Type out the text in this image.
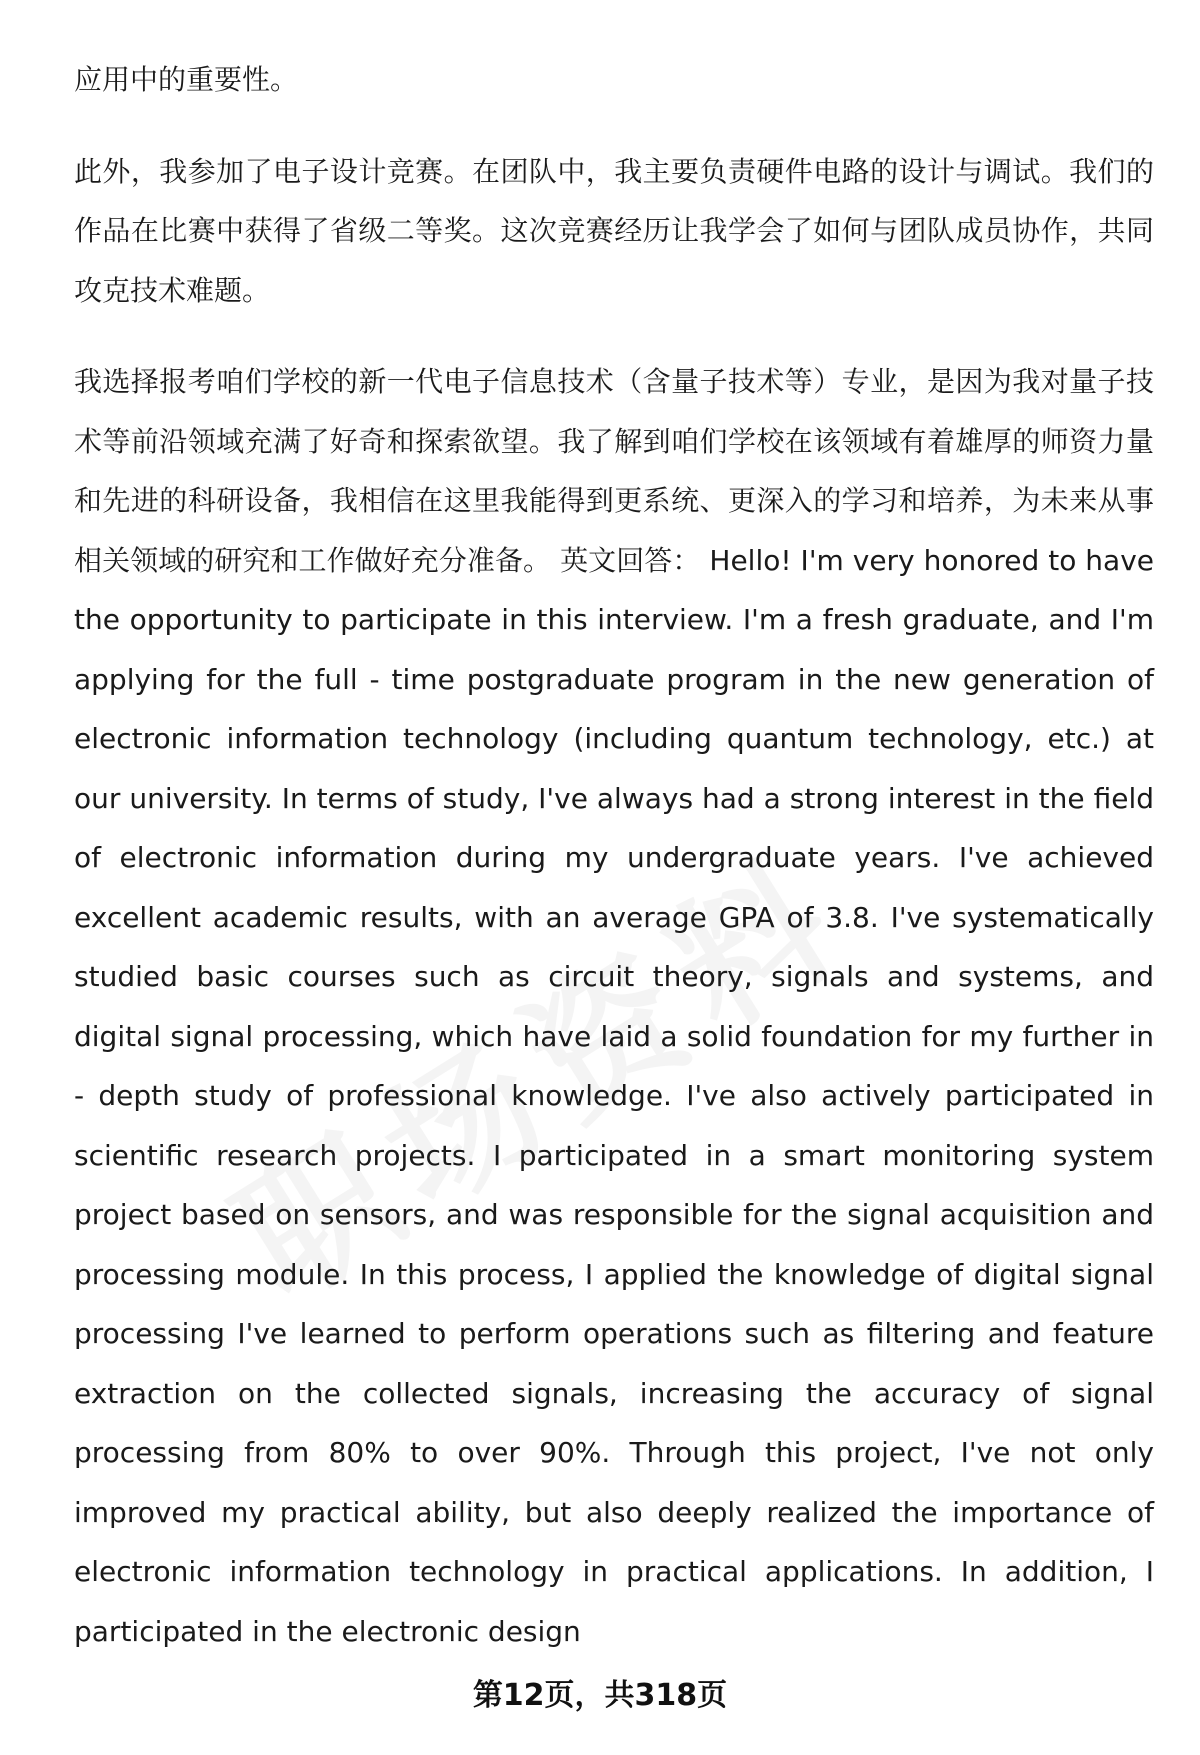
应用中的重要性。

此外，我参加了电子设计竞赛。在团队中，我主要负责硬件电路的设计与调试。我们的作品在比赛中获得了省级二等奖。这次竞赛经历让我学会了如何与团队成员协作，共同攻克技术难题。

我选择报考咱们学校的新一代电子信息技术（含量子技术等）专业，是因为我对量子技术等前沿领域充满了好奇和探索欲望。我了解到咱们学校在该领域有着雄厚的师资力量和先进的科研设备，我相信在这里我能得到更系统、更深入的学习和培养，为未来从事相关领域的研究和工作做好充分准备。 英文回答： Hello! I'm very honored to have the opportunity to participate in this interview. I'm a fresh graduate, and I'm applying for the full - time postgraduate program in the new generation of electronic information technology (including quantum technology, etc.) at our university. In terms of study, I've always had a strong interest in the field of electronic information during my undergraduate years. I've achieved excellent academic results, with an average GPA of 3.8. I've systematically studied basic courses such as circuit theory, signals and systems, and digital signal processing, which have laid a solid foundation for my further in - depth study of professional knowledge. I've also actively participated in scientific research projects. I participated in a smart monitoring system project based on sensors, and was responsible for the signal acquisition and processing module. In this process, I applied the knowledge of digital signal processing I've learned to perform operations such as filtering and feature extraction on the collected signals, increasing the accuracy of signal processing from 80% to over 90%. Through this project, I've not only improved my practical ability, but also deeply realized the importance of electronic information technology in practical applications. In addition, I participated in the electronic design

第12页，共318页
